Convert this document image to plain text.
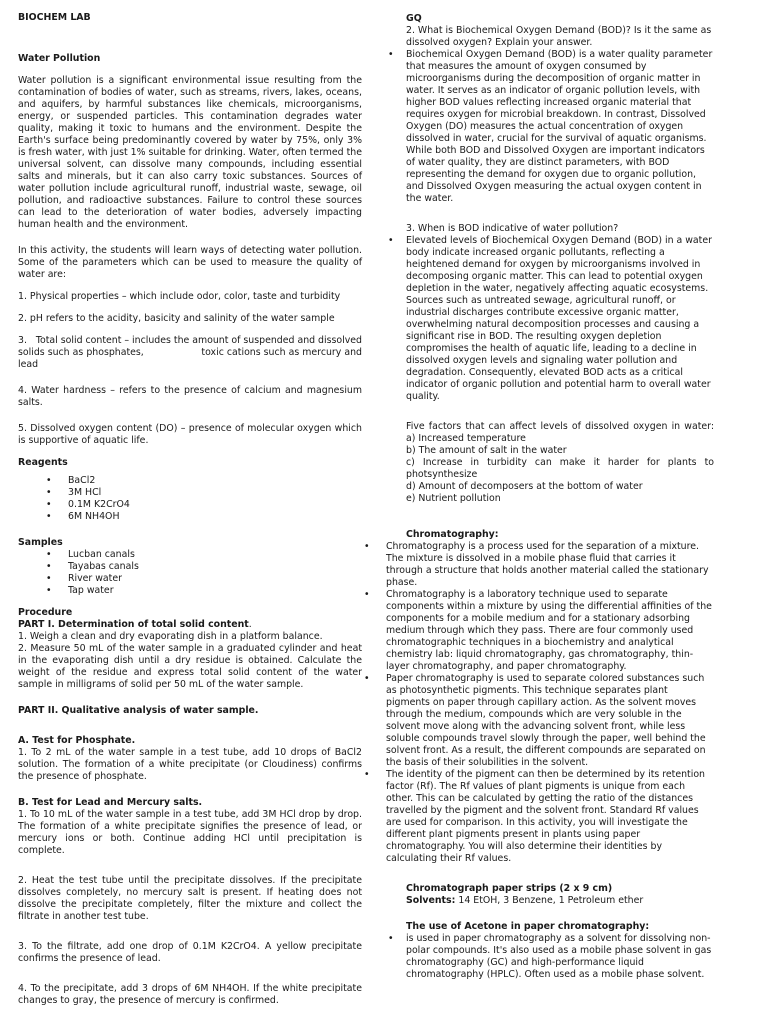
BIOCHEM LAB

Water Pollution

Water pollution is a significant environmental issue resulting from the contamination of bodies of water, such as streams, rivers, lakes, oceans, and aquifers, by harmful substances like chemicals, microorganisms, energy, or suspended particles. This contamination degrades water quality, making it toxic to humans and the environment. Despite the Earth's surface being predominantly covered by water by 75%, only 3% is fresh water, with just 1% suitable for drinking. Water, often termed the universal solvent, can dissolve many compounds, including essential salts and minerals, but it can also carry toxic substances. Sources of water pollution include agricultural runoff, industrial waste, sewage, oil pollution, and radioactive substances. Failure to control these sources can lead to the deterioration of water bodies, adversely impacting human health and the environment.

In this activity, the students will learn ways of detecting water pollution. Some of the parameters which can be used to measure the quality of water are:

1. Physical properties – which include odor, color, taste and turbidity

2. pH refers to the acidity, basicity and salinity of the water sample

3.   Total solid content – includes the amount of suspended and dissolved solids such as phosphates,                   toxic cations such as mercury and lead

4. Water hardness – refers to the presence of calcium and magnesium salts.

5. Dissolved oxygen content (DO) – presence of molecular oxygen which is supportive of aquatic life.

Reagents

• BaCl2
• 3M HCl
• 0.1M K2CrO4
• 6M NH4OH

Samples

• Lucban canals
• Tayabas canals
• River water
• Tap water

Procedure

PART I. Determination of total solid content.

1. Weigh a clean and dry evaporating dish in a platform balance.

2. Measure 50 mL of the water sample in a graduated cylinder and heat in the evaporating dish until a dry residue is obtained. Calculate the weight of the residue and express total solid content of the water sample in milligrams of solid per 50 mL of the water sample.

PART II. Qualitative analysis of water sample.

A. Test for Phosphate.

1. To 2 mL of the water sample in a test tube, add 10 drops of BaCl2 solution. The formation of a white precipitate (or Cloudiness) confirms the presence of phosphate.

B. Test for Lead and Mercury salts.

1. To 10 mL of the water sample in a test tube, add 3M HCl drop by drop. The formation of a white precipitate signifies the presence of lead, or mercury ions or both. Continue adding HCl until precipitation is complete.

2. Heat the test tube until the precipitate dissolves. If the precipitate dissolves completely, no mercury salt is present. If heating does not dissolve the precipitate completely, filter the mixture and collect the filtrate in another test tube.

3. To the filtrate, add one drop of 0.1M K2CrO4. A yellow precipitate confirms the presence of lead.

4. To the precipitate, add 3 drops of 6M NH4OH. If the white precipitate changes to gray, the presence of mercury is confirmed.

GQ

2. What is Biochemical Oxygen Demand (BOD)? Is it the same as dissolved oxygen? Explain your answer.

• Biochemical Oxygen Demand (BOD) is a water quality parameter that measures the amount of oxygen consumed by microorganisms during the decomposition of organic matter in water. It serves as an indicator of organic pollution levels, with higher BOD values reflecting increased organic material that requires oxygen for microbial breakdown. In contrast, Dissolved Oxygen (DO) measures the actual concentration of oxygen dissolved in water, crucial for the survival of aquatic organisms. While both BOD and Dissolved Oxygen are important indicators of water quality, they are distinct parameters, with BOD representing the demand for oxygen due to organic pollution, and Dissolved Oxygen measuring the actual oxygen content in the water.

3. When is BOD indicative of water pollution?

• Elevated levels of Biochemical Oxygen Demand (BOD) in a water body indicate increased organic pollutants, reflecting a heightened demand for oxygen by microorganisms involved in decomposing organic matter. This can lead to potential oxygen depletion in the water, negatively affecting aquatic ecosystems. Sources such as untreated sewage, agricultural runoff, or industrial discharges contribute excessive organic matter, overwhelming natural decomposition processes and causing a significant rise in BOD. The resulting oxygen depletion compromises the health of aquatic life, leading to a decline in dissolved oxygen levels and signaling water pollution and degradation. Consequently, elevated BOD acts as a critical indicator of organic pollution and potential harm to overall water quality.

Five factors that can affect levels of dissolved oxygen in water: a) Increased temperature

b) The amount of salt in the water

c) Increase in turbidity can make it harder for plants to photsynthesize

d) Amount of decomposers at the bottom of water

e) Nutrient pollution

Chromatography:

• Chromatography is a process used for the separation of a mixture. The mixture is dissolved in a mobile phase fluid that carries it through a structure that holds another material called the stationary phase.
• Chromatography is a laboratory technique used to separate components within a mixture by using the differential affinities of the components for a mobile medium and for a stationary adsorbing medium through which they pass. There are four commonly used chromatographic techniques in a biochemistry and analytical chemistry lab: liquid chromatography, gas chromatography, thin-layer chromatography, and paper chromatography.
• Paper chromatography is used to separate colored substances such as photosynthetic pigments. This technique separates plant pigments on paper through capillary action. As the solvent moves through the medium, compounds which are very soluble in the solvent move along with the advancing solvent front, while less soluble compounds travel slowly through the paper, well behind the solvent front. As a result, the different compounds are separated on the basis of their solubilities in the solvent.
• The identity of the pigment can then be determined by its retention factor (Rf). The Rf values of plant pigments is unique from each other. This can be calculated by getting the ratio of the distances travelled by the pigment and the solvent front. Standard Rf values are used for comparison. In this activity, you will investigate the different plant pigments present in plants using paper chromatography. You will also determine their identities by calculating their Rf values.

Chromatograph paper strips (2 x 9 cm)

Solvents: 14 EtOH, 3 Benzene, 1 Petroleum ether

The use of Acetone in paper chromatography:

• is used in paper chromatography as a solvent for dissolving non-polar compounds. It's also used as a mobile phase solvent in gas chromatography (GC) and high-performance liquid chromatography (HPLC). Often used as a mobile phase solvent.
